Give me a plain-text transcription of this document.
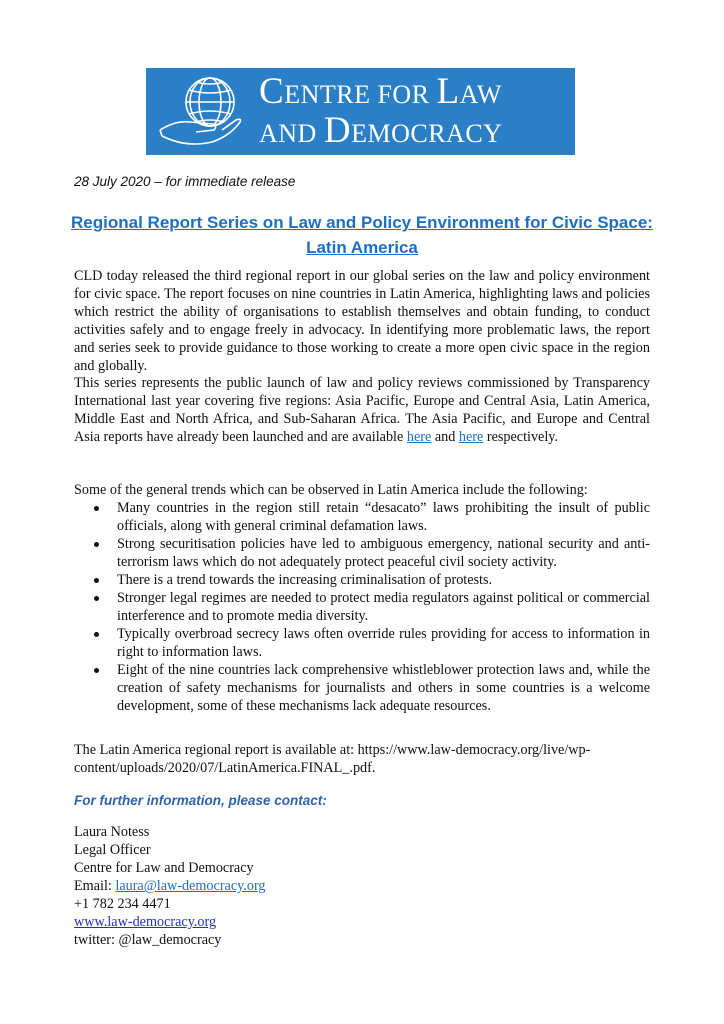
CENTRE FOR LAW
AND DEMOCRACY
28 July 2020 – for immediate release
Regional Report Series on Law and Policy Environment for Civic Space:
Latin America

CLD today released the third regional report in our global series on the law and policy environment for civic space. The report focuses on nine countries in Latin America, highlighting laws and policies which restrict the ability of organisations to establish themselves and obtain funding, to conduct activities safely and to engage freely in advocacy. In identifying more problematic laws, the report and series seek to provide guidance to those working to create a more open civic space in the region and globally.

This series represents the public launch of law and policy reviews commissioned by Transparency International last year covering five regions: Asia Pacific, Europe and Central Asia, Latin America, Middle East and North Africa, and Sub-Saharan Africa. The Asia Pacific, and Europe and Central Asia reports have already been launched and are available here and here respectively.

Some of the general trends which can be observed in Latin America include the following:

Many countries in the region still retain “desacato” laws prohibiting the insult of public officials, along with general criminal defamation laws.
Strong securitisation policies have led to ambiguous emergency, national security and anti-terrorism laws which do not adequately protect peaceful civil society activity.
There is a trend towards the increasing criminalisation of protests.
Stronger legal regimes are needed to protect media regulators against political or commercial interference and to promote media diversity.
Typically overbroad secrecy laws often override rules providing for access to information in right to information laws.
Eight of the nine countries lack comprehensive whistleblower protection laws and, while the creation of safety mechanisms for journalists and others in some countries is a welcome development, some of these mechanisms lack adequate resources.

The Latin America regional report is available at: https://www.law-democracy.org/live/wp-content/uploads/2020/07/LatinAmerica.FINAL_.pdf.

For further information, please contact:
Laura Notess
Legal Officer
Centre for Law and Democracy
Email: laura@law-democracy.org
+1 782 234 4471
www.law-democracy.org
twitter: @law_democracy
